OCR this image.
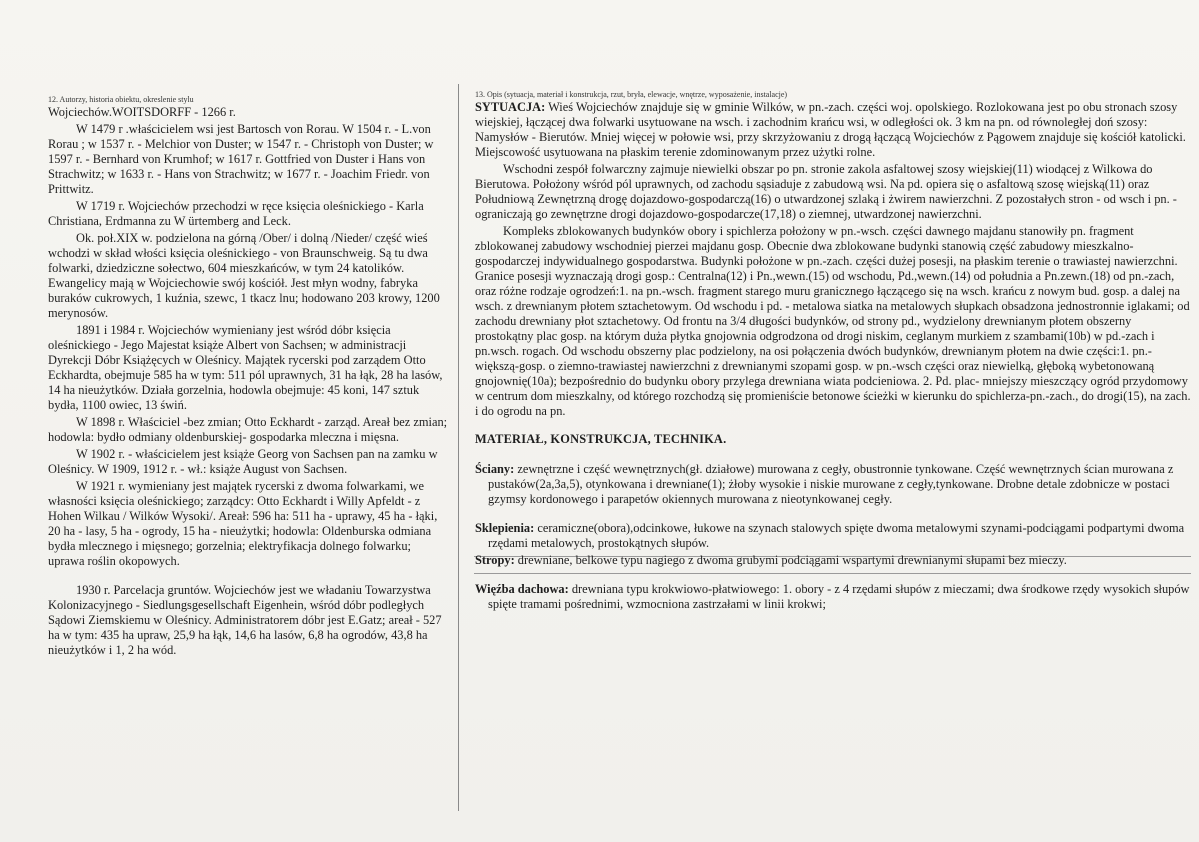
12. Autorzy, historia obiektu, okreslenie stylu

Wojciechów.WOITSDORFF - 1266 r.

W 1479 r .właścicielem wsi jest Bartosch von Rorau. W 1504 r. - L.von Rorau ; w 1537 r. - Melchior von Duster; w 1547 r. - Christoph von Duster; w 1597 r. - Bernhard von Krumhof; w 1617 r. Gottfried von Duster i Hans von Strachwitz; w 1633 r. - Hans von Strachwitz; w 1677 r. - Joachim Friedr. von Prittwitz.

W 1719 r. Wojciechów przechodzi w ręce księcia oleśnickiego - Karla Christiana, Erdmanna zu W ürtemberg and Leck.

Ok. poł.XIX w. podzielona na górną /Ober/ i dolną /Nieder/ część wieś wchodzi w skład włości księcia oleśnickiego - von Braunschweig. Są tu dwa folwarki, dziedziczne sołectwo, 604 mieszkańców, w tym 24 katolików. Ewangelicy mają w Wojciechowie swój kościół. Jest młyn wodny, fabryka buraków cukrowych, 1 kuźnia, szewc, 1 tkacz lnu; hodowano 203 krowy, 1200 merynosów.

1891 i 1984 r. Wojciechów wymieniany jest wśród dóbr księcia oleśnickiego - Jego Majestat książe Albert von Sachsen; w administracji Dyrekcji Dóbr Książęcych w Oleśnicy. Majątek rycerski pod zarządem Otto Eckhardta, obejmuje 585 ha w tym: 511 pól uprawnych, 31 ha łąk, 28 ha lasów, 14 ha nieużytków. Działa gorzelnia, hodowla obejmuje: 45 koni, 147 sztuk bydła, 1100 owiec, 13 świń.

W 1898 r. Właściciel -bez zmian; Otto Eckhardt - zarząd. Areał bez zmian; hodowla: bydło odmiany oldenburskiej- gospodarka mleczna i mięsna.

W 1902 r. - właścicielem jest książe Georg von Sachsen pan na zamku w Oleśnicy. W 1909, 1912 r. - wł.: książe August von Sachsen.

W 1921 r. wymieniany jest majątek rycerski z dwoma folwarkami, we własności księcia oleśnickiego; zarządcy: Otto Eckhardt i Willy Apfeldt - z Hohen Wilkau / Wilków Wysoki/. Areał: 596 ha: 511 ha - uprawy, 45 ha - łąki, 20 ha - lasy, 5 ha - ogrody, 15 ha - nieużytki; hodowla: Oldenburska odmiana bydła mlecznego i mięsnego; gorzelnia; elektryfikacja dolnego folwarku; uprawa roślin okopowych.

1930 r. Parcelacja gruntów. Wojciechów jest we władaniu Towarzystwa Kolonizacyjnego - Siedlungsgesellschaft Eigenhein, wśród dóbr podległych Sądowi Ziemskiemu w Oleśnicy. Administratorem dóbr jest E.Gatz; areał - 527 ha w tym: 435 ha upraw, 25,9 ha łąk, 14,6 ha lasów, 6,8 ha ogrodów, 43,8 ha nieużytków i 1, 2 ha wód.

13. Opis (sytuacja, materiał i konstrukcja, rzut, bryła, elewacje, wnętrze, wyposażenie, instalacje)

SYTUACJA: Wieś Wojciechów znajduje się w gminie Wilków, w pn.-zach. części woj. opolskiego. Rozlokowana jest po obu stronach szosy wiejskiej, łączącej dwa folwarki usytuowane na wsch. i zachodnim krańcu wsi, w odległości ok. 3 km na pn. od równoległej doń szosy: Namysłów - Bierutów. Mniej więcej w połowie wsi, przy skrzyżowaniu z drogą łączącą Wojciechów z Pągowem znajduje się kościół katolicki. Miejscowość usytuowana na płaskim terenie zdominowanym przez użytki rolne.

Wschodni zespół folwarczny zajmuje niewielki obszar po pn. stronie zakola asfaltowej szosy wiejskiej(11) wiodącej z Wilkowa do Bierutowa. Położony wśród pól uprawnych, od zachodu sąsiaduje z zabudową wsi. Na pd. opiera się o asfaltową szosę wiejską(11) oraz Południową Zewnętrzną drogę dojazdowo-gospodarczą(16) o utwardzonej szlaką i żwirem nawierzchni. Z pozostałych stron - od wsch i pn. - ograniczają go zewnętrzne drogi dojazdowo-gospodarcze(17,18) o ziemnej, utwardzonej nawierzchni.

Kompleks zblokowanych budynków obory i spichlerza położony w pn.-wsch. części dawnego majdanu stanowiły pn. fragment zblokowanej zabudowy wschodniej pierzei majdanu gosp. Obecnie dwa zblokowane budynki stanowią część zabudowy mieszkalno-gospodarczej indywidualnego gospodarstwa. Budynki położone w pn.-zach. części dużej posesji, na płaskim terenie o trawiastej nawierzchni. Granice posesji wyznaczają drogi gosp.: Centralna(12) i Pn.,wewn.(15) od wschodu, Pd.,wewn.(14) od południa a Pn.zewn.(18) od pn.-zach, oraz różne rodzaje ogrodzeń:1. na pn.-wsch. fragment starego muru granicznego łączącego się na wsch. krańcu z nowym bud. gosp. a dalej na wsch. z drewnianym płotem sztachetowym. Od wschodu i pd. - metalowa siatka na metalowych słupkach obsadzona jednostronnie iglakami; od zachodu drewniany płot sztachetowy. Od frontu na 3/4 długości budynków, od strony pd., wydzielony drewnianym płotem obszerny prostokątny plac gosp. na którym duża płytka gnojownia odgrodzona od drogi niskim, ceglanym murkiem z szambami(10b) w pd.-zach i pn.wsch. rogach. Od wschodu obszerny plac podzielony, na osi połączenia dwóch budynków, drewnianym płotem na dwie części:1. pn.-większą-gosp. o ziemno-trawiastej nawierzchni z drewnianymi szopami gosp. w pn.-wsch części oraz niewielką, głęboką wybetonowaną gnojownię(10a); bezpośrednio do budynku obory przylega drewniana wiata podcieniowa. 2. Pd. plac- mniejszy mieszczący ogród przydomowy w centrum dom mieszkalny, od którego rozchodzą się promieniście betonowe ścieżki w kierunku do spichlerza-pn.-zach., do drogi(15), na zach. i do ogrodu na pn.

MATERIAŁ, KONSTRUKCJA, TECHNIKA.

Ściany: zewnętrzne i część wewnętrznych(gł. działowe) murowana z cegły, obustronnie tynkowane. Część wewnętrznych ścian murowana z pustaków(2a,3a,5), otynkowana i drewniane(1); żłoby wysokie i niskie murowane z cegły,tynkowane. Drobne detale zdobnicze w postaci gzymsy kordonowego i parapetów okiennych murowana z nieotynkowanej cegły.

Sklepienia: ceramiczne(obora),odcinkowe, łukowe na szynach stalowych spięte dwoma metalowymi szynami-podciągami podpartymi dwoma rzędami metalowych, prostokątnych słupów.

Stropy: drewniane, belkowe typu nagiego z dwoma grubymi podciągami wspartymi drewnianymi słupami bez mieczy.

Więźba dachowa: drewniana typu krokwiowo-płatwiowego: 1. obory - z 4 rzędami słupów z mieczami; dwa środkowe rzędy wysokich słupów spięte tramami pośrednimi, wzmocniona zastrzałami w linii krokwi;
